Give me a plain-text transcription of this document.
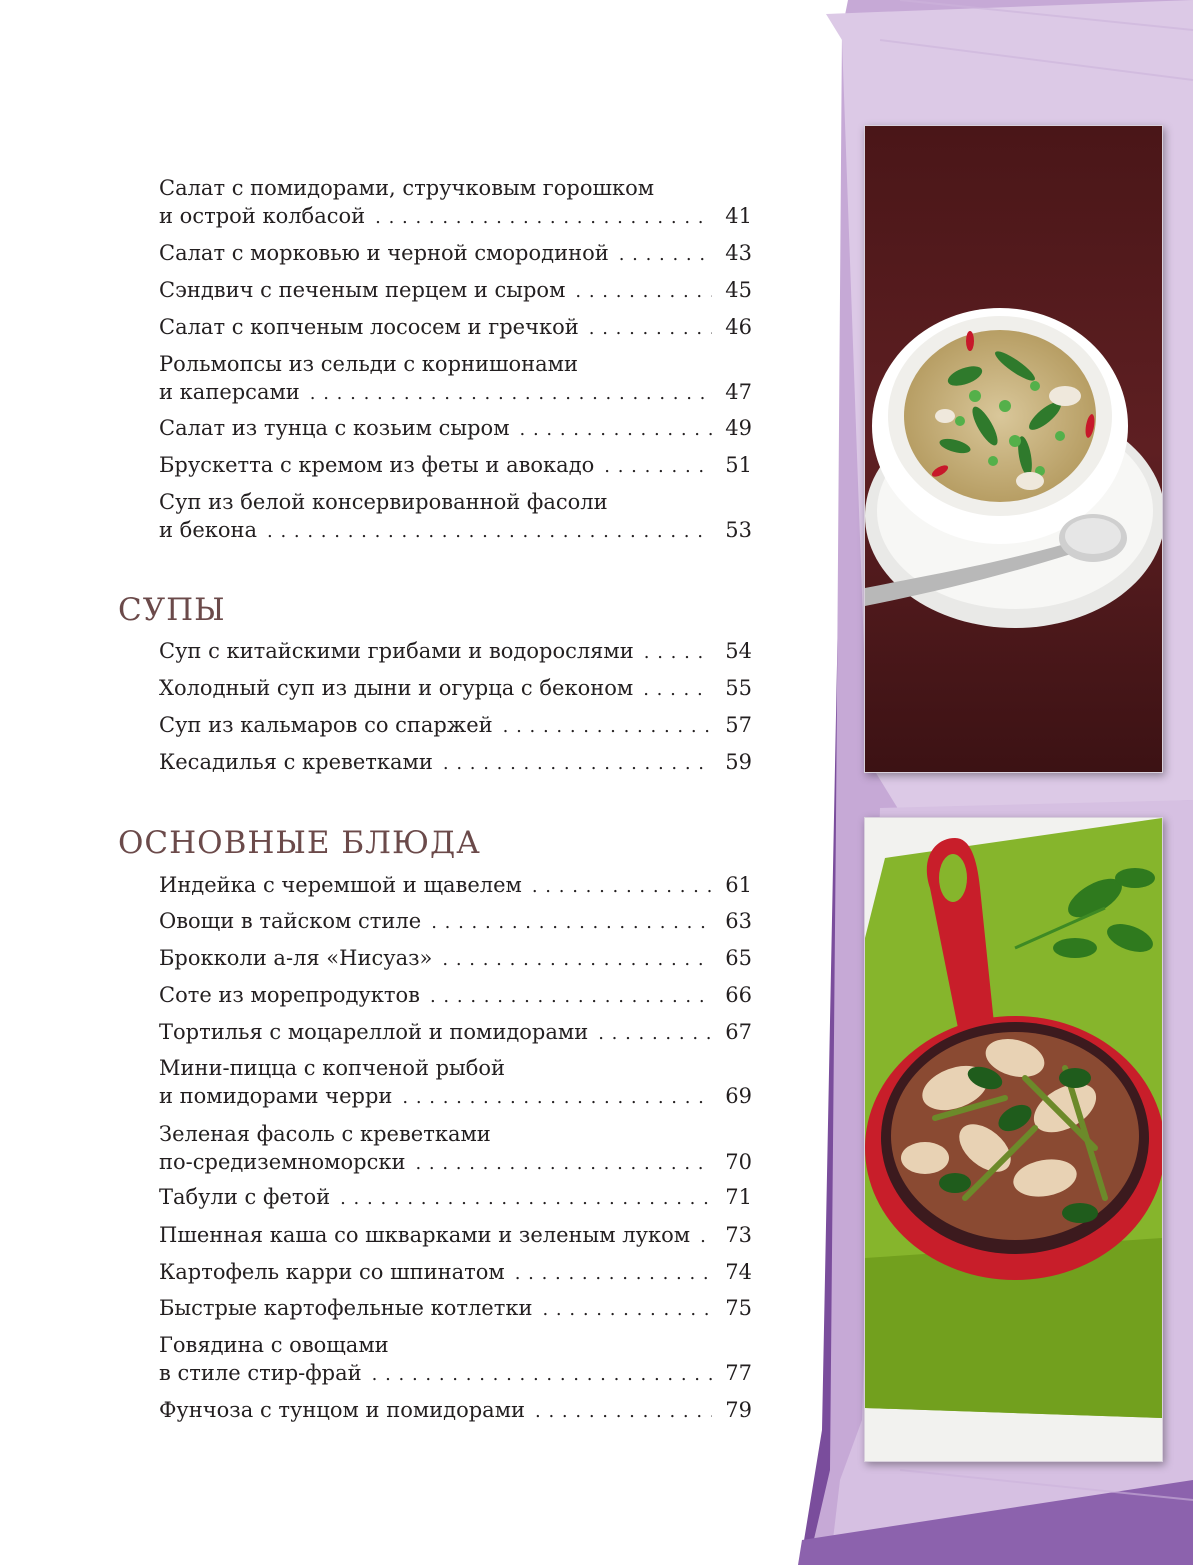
Салат с помидорами, стручковым горошком
и острой колбасой . . .	41
Салат с морковью и черной смородиной . . .	43
Сэндвич с печеным перцем и сыром . . .	45
Салат с копченым лососем и гречкой . . .	46
Рольмопсы из сельди с корнишонами
и каперсами . . .	47
Салат из тунца с козьим сыром . . .	49
Брускетта с кремом из феты и авокадо . . .	51
Суп из белой консервированной фасоли
и бекона . . .	53
СУПЫ
Суп с китайскими грибами и водорослями . . .	54
Холодный суп из дыни и огурца с беконом . . .	55
Суп из кальмаров со спаржей . . .	57
Кесадилья с креветками . . .	59
ОСНОВНЫЕ БЛЮДА
Индейка с черемшой и щавелем . . .	61
Овощи в тайском стиле . . .	63
Брокколи а-ля «Нисуаз» . . .	65
Соте из морепродуктов . . .	66
Тортилья с моцареллой и помидорами . . .	67
Мини-пицца с копченой рыбой
и помидорами черри . . .	69
Зеленая фасоль с креветками
по-средиземноморски . . .	70
Табули с фетой . . .	71
Пшенная каша со шкварками и зеленым луком . . .	73
Картофель карри со шпинатом . . .	74
Быстрые картофельные котлетки . . .	75
Говядина с овощами
в стиле стир-фрай . . .	77
Фунчоза с тунцом и помидорами . . .	79
